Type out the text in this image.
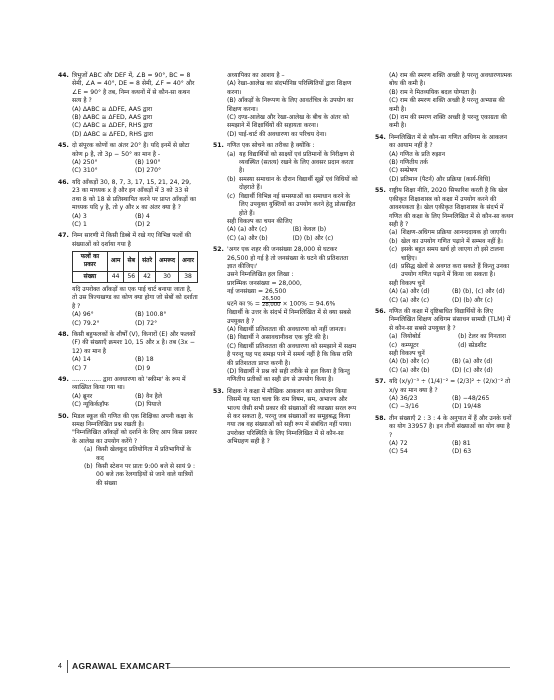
44. त्रिभुजों ABC और DEF में, ∠B = 90°, BC = 8 सेमी, ∠A = 40°, DE = 8 सेमी, ∠F = 40° और ∠E = 90° है तब, निम्न कथनों में से कौन-सा कथन सत्य है ?
(A) ΔABC ≅ ΔDFE, AAS द्वारा
(B) ΔABC ≅ ΔFED, AAS द्वारा
(C) ΔABC ≅ ΔDEF, RHS द्वारा
(D) ΔABC ≅ ΔFED, RHS द्वारा
45. दो संपूरक कोणों का अंतर 20° है। यदि इनमें से छोटा कोण p है, तो 3p − 50° का मान है -
(A) 250°	(B) 190°
(C) 310°	(D) 270°
46. यदि आँकड़ों 30, 8, 7, 3, 17, 15, 21, 24, 29, 23 का माध्यक x है और इन आँकड़ों में 3 को 33 से तथा 8 को 18 से प्रतिस्थापित करने पर प्राप्त आँकड़ों का माध्यक यदि y है, तो y और x का अंतर क्या है ?
(A) 3	(B) 4
(C) 1	(D) 2
47. निम्न सारणी में किसी डिब्बे में रखे गए विभिन्न फलों की संख्याओं को दर्शाया गया है
फलों का प्रकार	आम	सेब	संतरे	अमरूद	अनार
संख्या	44	56	42	30	38
यदि उपरोक्त आँकड़ों का एक पाई चार्ट बनाया जाता है, तो उस त्रिज्यखण्ड का कोण क्या होगा जो सेबों को दर्शाता है ?
(A) 96°	(B) 100.8°
(C) 79.2°	(D) 72°
48. किसी बहुफलकों के शीर्षों (V), किनारों (E) और फलकों (F) की संख्याएँ क्रमशः 10, 15 और x है। तब (3x − 12) का मान है
(A) 14	(B) 18
(C) 7	(D) 9
49. ............... द्वारा अवधारणा को 'स्कीमा' के रूप में व्याख्यित किया गया था।
(A) ब्रूनर	(B) वैन हैले
(C) न्यूकिर्कहॉफ	(D) पियाजे
50. मिडल स्कूल की गणित की एक शिक्षिका अपनी कक्षा के समक्ष निम्नलिखित प्रश्न रखती है।
"निम्नलिखित आँकड़ों को दर्शाने के लिए आप किस प्रकार के आलेख का उपयोग करेंगे ?
(a) किसी खेलकूद प्रतियोगिता में प्रतिभागियों के कद
(b) किसी स्टेशन पर प्रातः 9:00 बजे से सायं 9 : 00 बजे तक रेलगाड़ियों से जाने वाले यात्रियों की संख्या
अध्यापिका का आशय है –
(A) रेखा-आलेख का संदर्भानिष्ठ परिस्थितियों द्वारा शिक्षण करना।
(B) आँकड़ों के निरूपण के लिए आवर्तचित्र के उपयोग का शिक्षण करना।
(C) दण्ड-आलेख और रेखा-आलेख के बीच के अंतर को समझाने में शिक्षार्थियों की सहायता करना।
(D) पाई-चार्ट की अवधारणा का परिचय देना।
51. गणित एक सोचने का तरीका है क्योंकि :
(a) यह विद्यार्थियों को साक्ष्यों एवं प्रतिमानों के निरीक्षण से व्यवस्थित (सतत्य) रखने के लिए अवसर प्रदान करता है।
(b) समस्या समाधान के दौरान विद्यार्थी सूझें एवं विधियों को दोहराते हैं।
(c) विद्यार्थी विभिन्न नई समस्याओं का समाधान करने के लिए उपयुक्त युक्तियों का उपयोग करने हेतु प्रोत्साहित होते हैं।
सही विकल्प का चयन कीजिए
(A) (a) और (c)	(B) केवल (b)
(C) (a) और (b)	(D) (b) और (c)
52. 'अगर एक शहर की जनसंख्या 28,000 से घटकर 26,500 हो गई है तो जनसंख्या के घटने की प्रतिशतता ज्ञात कीजिए।'
उसने निम्नलिखित हल लिखा :
प्रारम्भिक जनसंख्या = 28,000,
नई जनसंख्या = 26,500
घटने का % = $\frac{26,500}{28,000} \times 100\% = 94.6\%$
विद्यार्थी के उत्तर के संदर्भ में निम्नलिखित में से क्या सबसे उपयुक्त है ?
(A) विद्यार्थी प्रतिशतता की अवधारणा को नहीं जानता।
(B) विद्यार्थी ने असावधानीवश एक त्रुटि की है।
(C) विद्यार्थी प्रतिशतता की अवधारणा को समझाने में सक्षम है परन्तु यह पद समझ पाने में समर्थ नहीं है कि किस राशि की प्रतिशतता प्राप्त करनी है।
(D) विद्यार्थी ने प्रश्न को सही तरीके से हल किया है किन्तु गणितीय प्रतीकों का सही ढंग से उपयोग किया है।
53. शिक्षक ने कक्षा में मौखिक आकलन का आयोजन किया जिसमें यह पता चला कि राम विषम, सम, अभाज्य और भाज्य जैसी सभी प्रकार की संख्याओं की व्याख्या सरल रूप से कर सकता है, परन्तु जब संख्याओं का समूहबद्ध किया गया तब वह संख्याओं को सही रूप में संबंधित नहीं पाया।
उपरोक्त परिस्थिति के लिए निम्नलिखित में से कौन-सा अभिग्रहण सही है ?
(A) राम की स्मरण शक्ति अच्छी है परन्तु अवधारणात्मक बोध की कमी है।
(B) राम ने मितव्ययिक बदल योग्यता है।
(C) राम की स्मरण शक्ति अच्छी है परन्तु अभ्यास की कमी है।
(D) राम की स्मरण शक्ति अच्छी है परन्तु एकाग्रता की कमी है।
54. निम्नलिखित में से कौन-सा गणित अधिगम के आकलन का आयाम नहीं है ?
(A) गणित के प्रति रुझान
(B) गणितीय तर्क
(C) सम्प्रेषण
(D) प्रतिमान (पैटर्न) और प्रक्रिया (कार्य-विधि)
55. राष्ट्रीय शिक्षा नीति, 2020 सिफारिश करती है कि खेल एकीकृत शिक्षाशास्त्र को कक्षा में उपयोग करने की आवश्यकता है। खेल एकीकृत शिक्षाशास्त्र के संदर्भ में गणित की कक्षा के लिए निम्नलिखित में से कौन-सा कथन सही है ?
(a) शिक्षण-अधिगम प्रक्रिया आनन्ददायक हो जाएगी।
(b) खेल का उपयोग गणित पढ़ाने में सम्भव नहीं है।
(c) इसके बहुत समय खर्च हो जाएगा तो इसे टालना चाहिए।
(d) प्रसिद्ध खेलों से अवगत करा सकते हैं किन्तु उनका उपयोग गणित पढ़ाने में किया जा सकता है।
सही विकल्प चुनें
(A) (a) और (d)	(B) (b), (c) और (d)
(C) (a) और (c)	(D) (b) और (c)
56. गणित की कक्षा में दृष्टिबाधित विद्यार्थियों के लिए निम्नलिखित शिक्षण अधिगम संसाधन सामग्री (TLM) में से कौन-सा सबसे उपयुक्त है ?
(a) जियोबोर्ड	(b) टेलर का गिनतारा
(c) कम्प्यूटर	(d) स्प्रेडशीट
सही विकल्प चुनें
(A) (b) और (c)	(B) (a) और (d)
(C) (a) और (b)	(D) (c) और (d)
57. यदि (x/y)⁻³ ÷ (1/4)⁻² = (2/3)² ÷ (2/x)⁻² तो x/y का मान क्या है ?
(A) 36/23	(B) −48/265
(C) −3/16	(D) 19/48
58. तीन संख्याएँ 2 : 3 : 4 के अनुपात में हैं और उनके घनों का योग 33957 है। इन तीनों संख्याओं का योग क्या है ?
(A) 72	(B) 81
(C) 54	(D) 63
4 AGRAWAL EXAMCART
